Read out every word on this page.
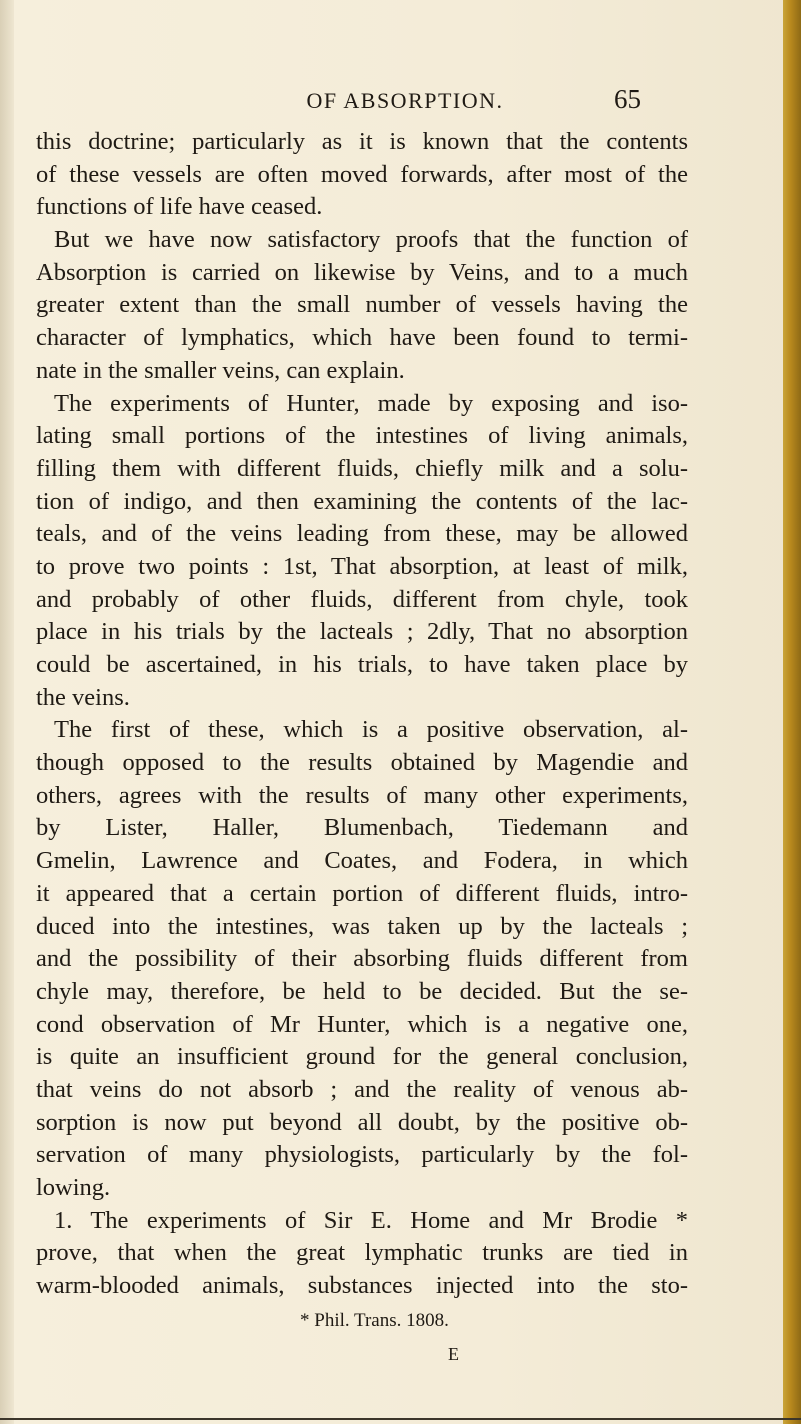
OF ABSORPTION.	65
this doctrine; particularly as it is known that the contents
of these vessels are often moved forwards, after most of the
functions of life have ceased.
But we have now satisfactory proofs that the function of
Absorption is carried on likewise by Veins, and to a much
greater extent than the small number of vessels having the
character of lymphatics, which have been found to termi-
nate in the smaller veins, can explain.
The experiments of Hunter, made by exposing and iso-
lating small portions of the intestines of living animals,
filling them with different fluids, chiefly milk and a solu-
tion of indigo, and then examining the contents of the lac-
teals, and of the veins leading from these, may be allowed
to prove two points : 1st, That absorption, at least of milk,
and probably of other fluids, different from chyle, took
place in his trials by the lacteals ; 2dly, That no absorption
could be ascertained, in his trials, to have taken place by
the veins.
The first of these, which is a positive observation, al-
though opposed to the results obtained by Magendie and
others, agrees with the results of many other experiments,
by Lister, Haller, Blumenbach, Tiedemann and
Gmelin, Lawrence and Coates, and Fodera, in which
it appeared that a certain portion of different fluids, intro-
duced into the intestines, was taken up by the lacteals ;
and the possibility of their absorbing fluids different from
chyle may, therefore, be held to be decided. But the se-
cond observation of Mr Hunter, which is a negative one,
is quite an insufficient ground for the general conclusion,
that veins do not absorb ; and the reality of venous ab-
sorption is now put beyond all doubt, by the positive ob-
servation of many physiologists, particularly by the fol-
lowing.
1. The experiments of Sir E. Home and Mr Brodie *
prove, that when the great lymphatic trunks are tied in
warm-blooded animals, substances injected into the sto-
* Phil. Trans. 1808.
E
